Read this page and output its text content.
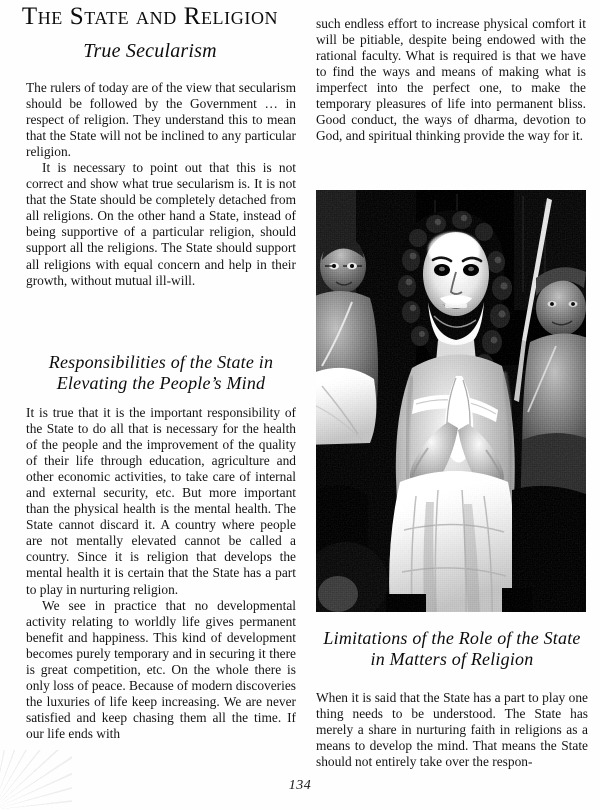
The State and Religion
True Secularism

The rulers of today are of the view that secularism should be followed by the Government … in respect of religion. They understand this to mean that the State will not be inclined to any particular religion.

It is necessary to point out that this is not correct and show what true secularism is. It is not that the State should be completely detached from all religions. On the other hand a State, instead of being supportive of a particular religion, should support all the religions. The State should support all religions with equal concern and help in their growth, without mutual ill-will.

Responsibilities of the State in Elevating the People’s Mind

It is true that it is the important responsibility of the State to do all that is necessary for the health of the people and the improvement of the quality of their life through education, agriculture and other economic activities, to take care of internal and external security, etc. But more important than the physical health is the mental health. The State cannot discard it. A country where people are not mentally elevated cannot be called a country. Since it is religion that develops the mental health it is certain that the State has a part to play in nurturing religion.

We see in practice that no developmental activity relating to worldly life gives permanent benefit and happiness. This kind of development becomes purely temporary and in securing it there is great competition, etc. On the whole there is only loss of peace. Because of modern discoveries the luxuries of life keep increasing. We are never satisfied and keep chasing them all the time. If our life ends with

such endless effort to increase physical comfort it will be pitiable, despite being endowed with the rational faculty. What is required is that we have to find the ways and means of making what is imperfect into the perfect one, to make the temporary pleasures of life into permanent bliss. Good conduct, the ways of dharma, devotion to God, and spiritual thinking provide the way for it.

Limitations of the Role of the State in Matters of Religion

When it is said that the State has a part to play one thing needs to be understood. The State has merely a share in nurturing faith in religions as a means to develop the mind. That means the State should not entirely take over the respon-

134
